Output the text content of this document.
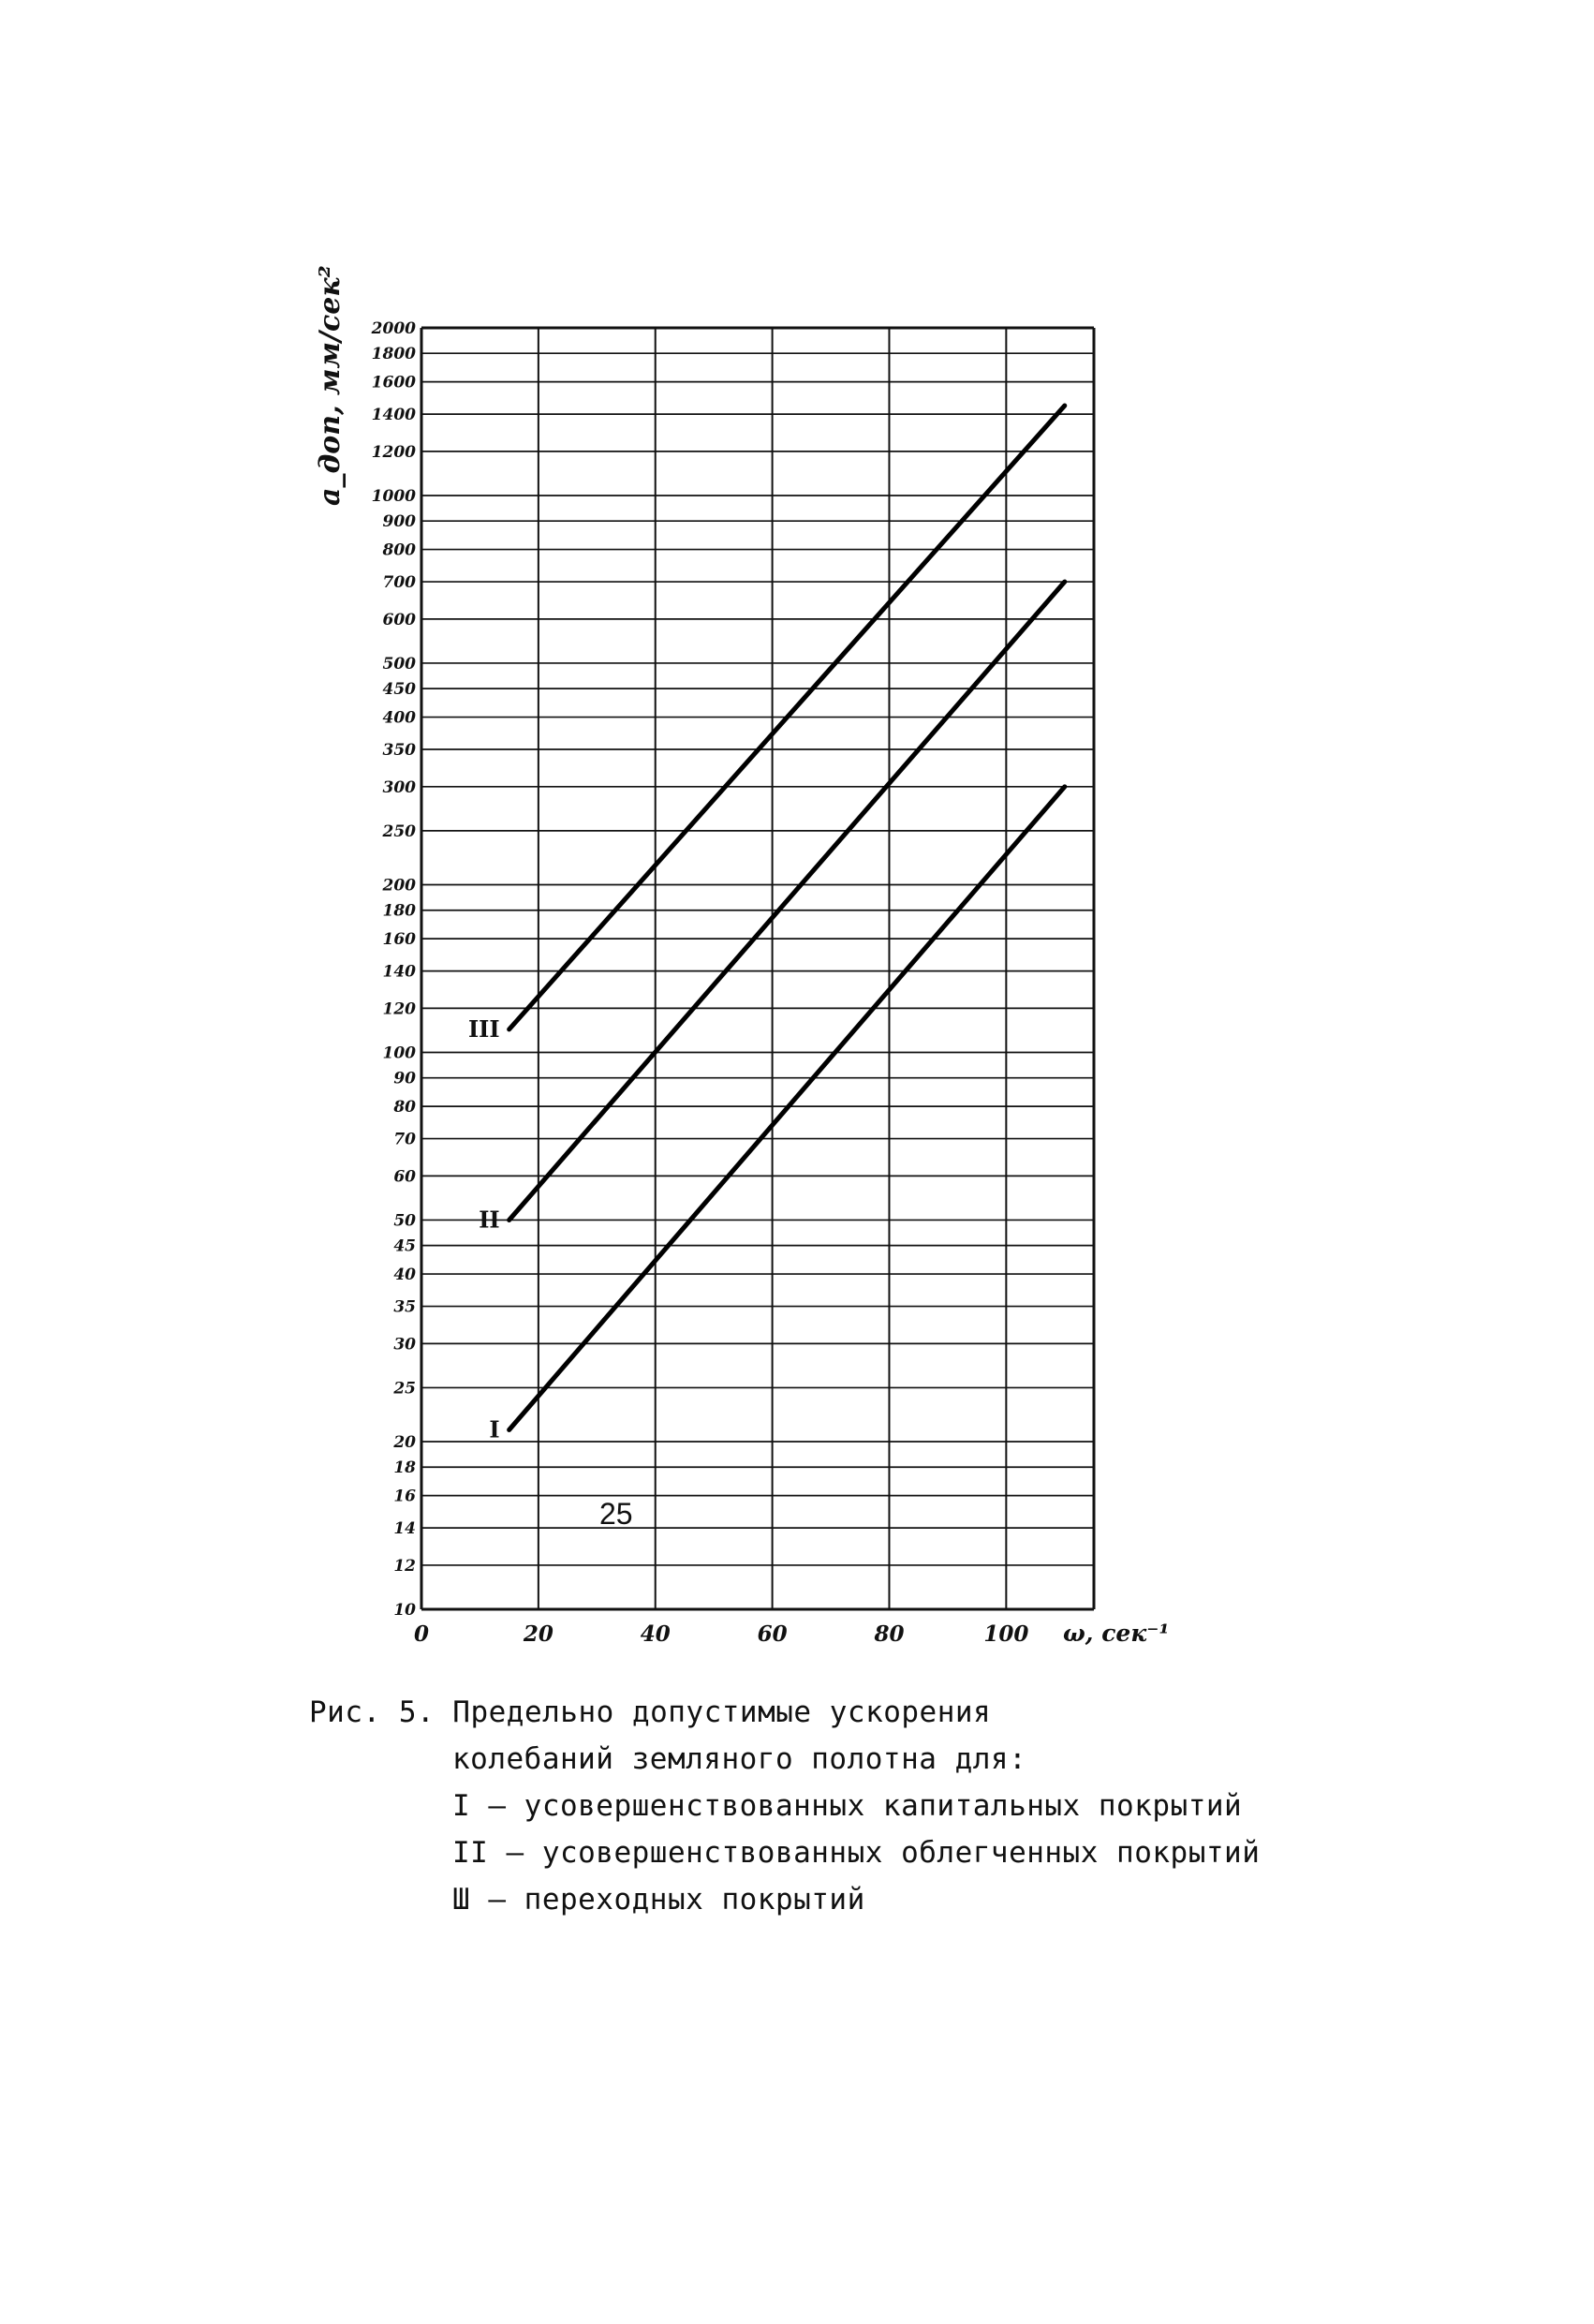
2000
1800
1600
1400
1200
1000
900
800
700
600
500
450
400
350
300
250
200
180
160
140
120
100
90
80
70
60
50
45
40
35
30
25
20
18
16
14
12
10
0	20	40	60	80	100
I
II
III
a_доп, мм/сек²
ω, сек⁻¹
Рис. 5. Предельно допустимые ускорения
колебаний земляного полотна для:
I – усовершенствованных капитальных покрытий
II – усовершенствованных облегченных покрытий
Ш – переходных покрытий
25
